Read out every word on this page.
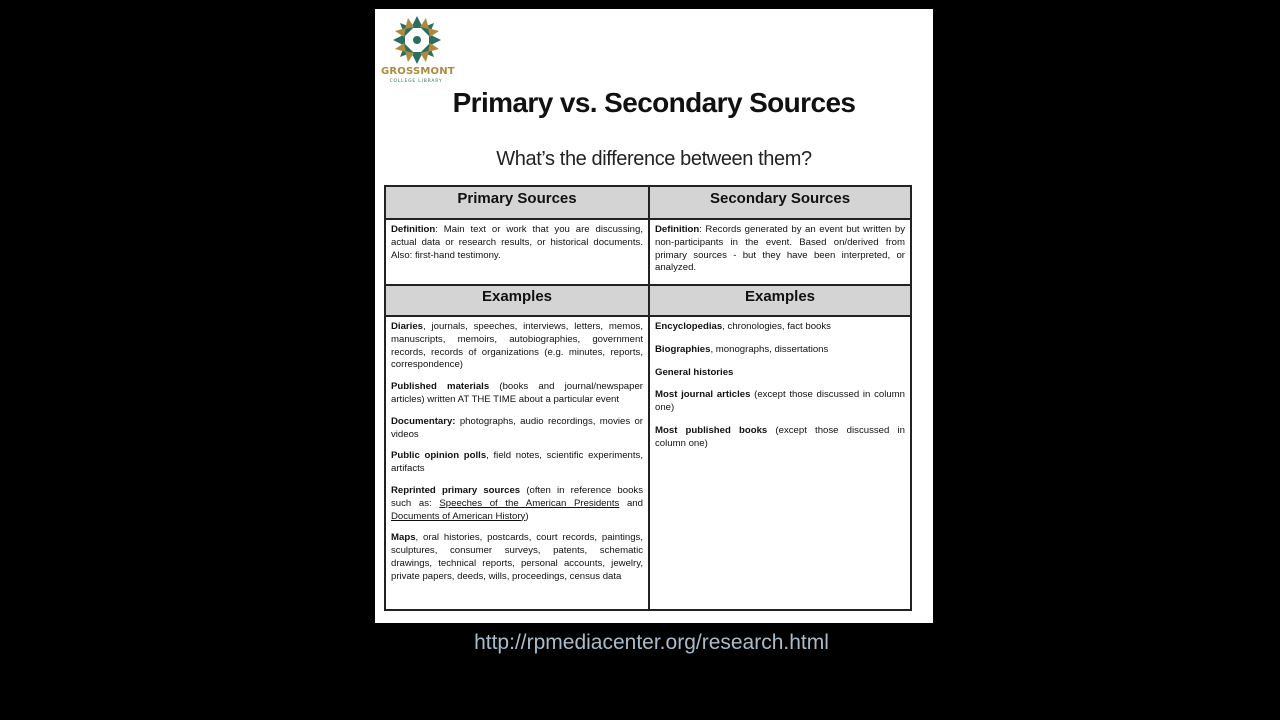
GROSSMONT
COLLEGE LIBRARY
Primary vs. Secondary Sources
What’s the difference between them?
Primary Sources
Definition: Main text or work that you are discussing, actual data or research results, or historical documents. Also: first-hand testimony.
Examples
Diaries, journals, speeches, interviews, letters, memos, manuscripts, memoirs, autobiographies, government records, records of organizations (e.g. minutes, reports, correspondence)
Published materials (books and journal/newspaper articles) written AT THE TIME about a particular event
Documentary: photographs, audio recordings, movies or videos
Public opinion polls, field notes, scientific experiments, artifacts
Reprinted primary sources (often in reference books such as: Speeches of the American Presidents and Documents of American History)
Maps, oral histories, postcards, court records, paintings, sculptures, consumer surveys, patents, schematic drawings, technical reports, personal accounts, jewelry, private papers, deeds, wills, proceedings, census data
Secondary Sources
Definition: Records generated by an event but written by non-participants in the event. Based on/derived from primary sources - but they have been interpreted, or analyzed.
Examples
Encyclopedias, chronologies, fact books
Biographies, monographs, dissertations
General histories
Most journal articles (except those discussed in column one)
Most published books (except those discussed in column one)
http://rpmediacenter.org/research.html
